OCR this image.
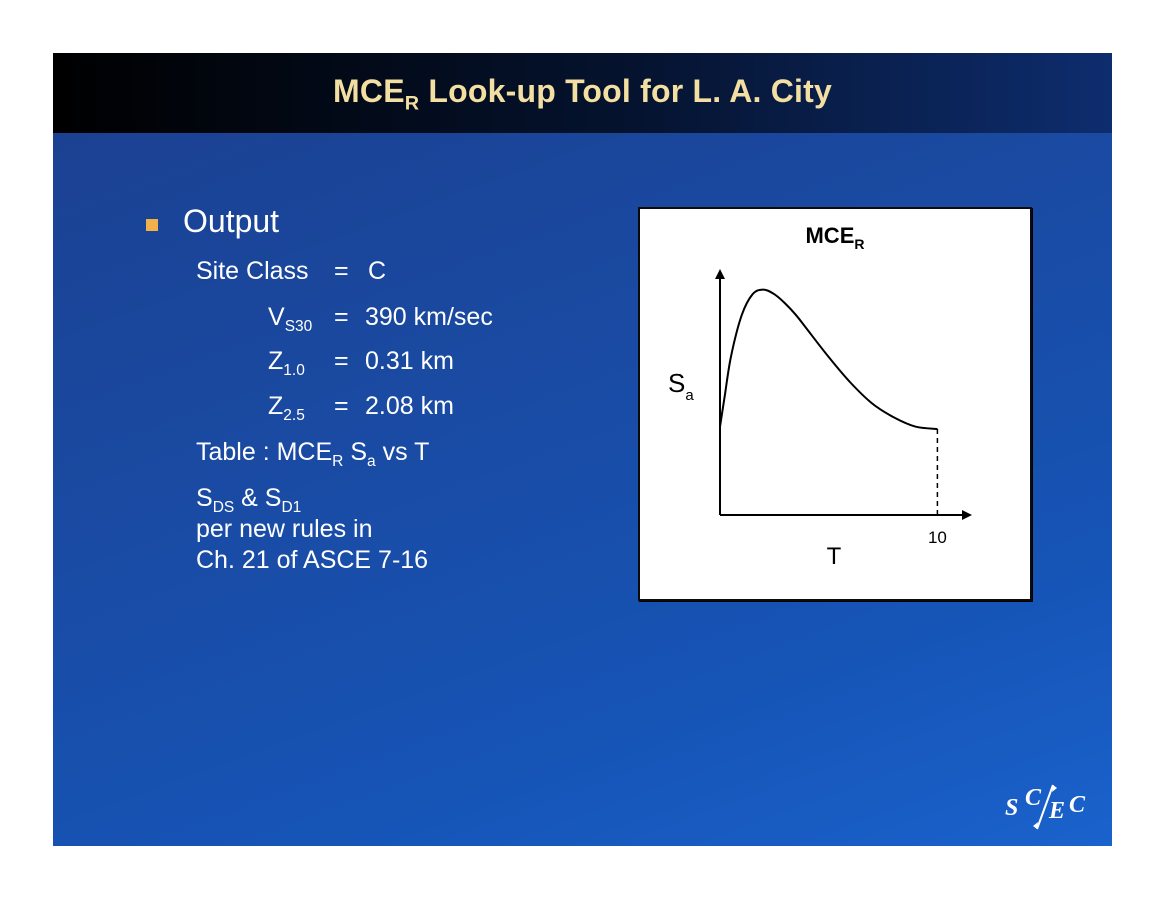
$MCE_R$ Look-up Tool for L. A. City
Output
Site Class = C
$V_{S30} = 390$ km/sec
$Z_{1.0} = 0.31$ km
$Z_{2.5} = 2.08$ km
Table : $MCE_R$ $S_a$ vs T
$S_{DS}$ & $S_{D1}$
per new rules in
Ch. 21 of ASCE 7-16
$MCE_R$
$S_a$
T
10
S C E C
